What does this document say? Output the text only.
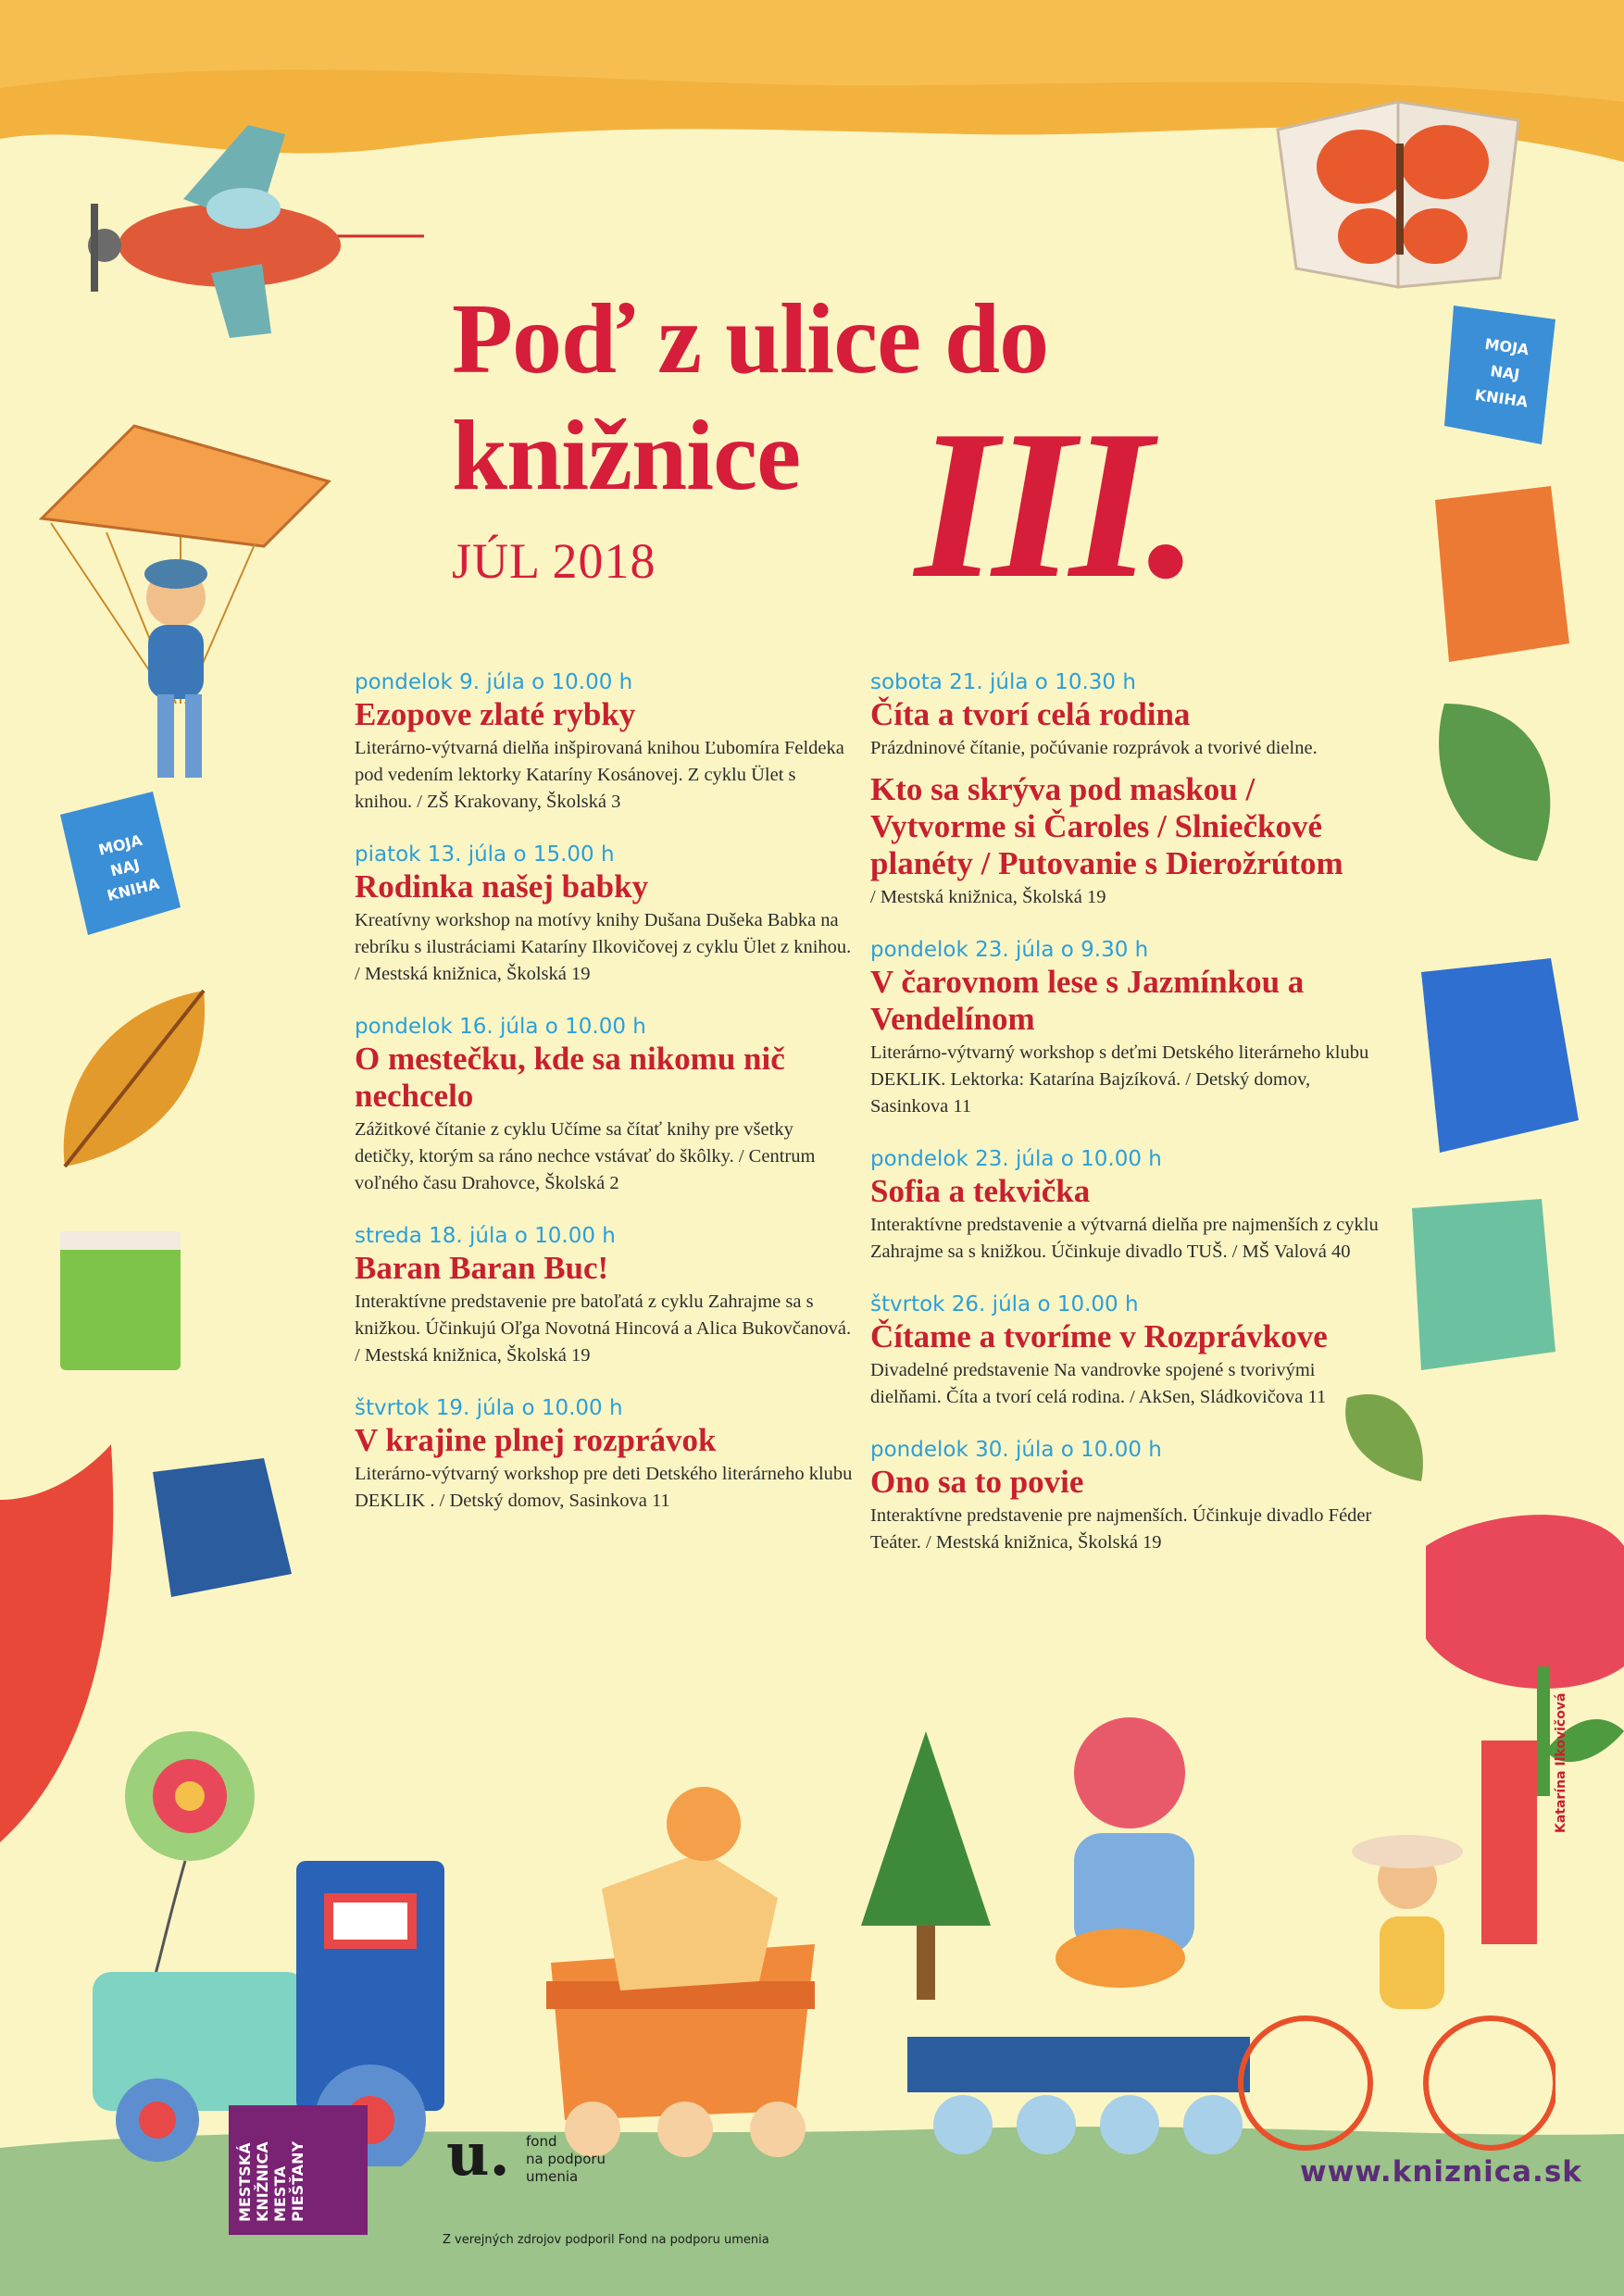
MOJA
NAJ
KNIHA
MOJA
NAJ
KNIHA
Katarína Ilkovičová
Poď z ulice do
knižnice
JÚL 2018 III.

pondelok 9. júla o 10.00 h

Ezopove zlaté rybky

Literárno-výtvarná dielňa inšpirovaná knihou Ľubomíra Feldeka pod vedením lektorky Kataríny Kosánovej. Z cyklu Ület s knihou. / ZŠ Krakovany, Školská 3

piatok 13. júla o 15.00 h

Rodinka našej babky

Kreatívny workshop na motívy knihy Dušana Dušeka Babka na rebríku s ilustráciami Kataríny Ilkovičovej z cyklu Ület z knihou. / Mestská knižnica, Školská 19

pondelok 16. júla o 10.00 h

O mestečku, kde sa nikomu nič nechcelo

Zážitkové čítanie z cyklu Učíme sa čítať knihy pre všetky detičky, ktorým sa ráno nechce vstávať do škôlky. / Centrum voľného času Drahovce, Školská 2

streda 18. júla o 10.00 h

Baran Baran Buc!

Interaktívne predstavenie pre batoľatá z cyklu Zahrajme sa s knižkou. Účinkujú Oľga Novotná Hincová a Alica Bukovčanová. / Mestská knižnica, Školská 19

štvrtok 19. júla o 10.00 h

V krajine plnej rozprávok

Literárno-výtvarný workshop pre deti Detského literárneho klubu DEKLIK . / Detský domov, Sasinkova 11

sobota 21. júla o 10.30 h

Číta a tvorí celá rodina

Prázdninové čítanie, počúvanie rozprávok a tvorivé dielne.

Kto sa skrýva pod maskou / Vytvorme si Čaroles / Slniečkové planéty / Putovanie s Dierožrútom

/ Mestská knižnica, Školská 19

pondelok 23. júla o 9.30 h

V čarovnom lese s Jazmínkou a Vendelínom

Literárno-výtvarný workshop s deťmi Detského literárneho klubu DEKLIK. Lektorka: Katarína Bajzíková. / Detský domov, Sasinkova 11

pondelok 23. júla o 10.00 h

Sofia a tekvička

Interaktívne predstavenie a výtvarná dielňa pre najmenších z cyklu Zahrajme sa s knižkou. Účinkuje divadlo TUŠ. / MŠ Valová 40

štvrtok 26. júla o 10.00 h

Čítame a tvoríme v Rozprávkove

Divadelné predstavenie Na vandrovke spojené s tvorivými dielňami. Číta a tvorí celá rodina. / AkSen, Sládkovičova 11

pondelok 30. júla o 10.00 h

Ono sa to povie

Interaktívne predstavenie pre najmenších. Účinkuje divadlo Féder Teáter. / Mestská knižnica, Školská 19

MESTSKÁ
KNIŽNICA
MESTA
PIEŠŤANY	u. fond
na podporu
umenia
Z verejných zdrojov podporil Fond na podporu umenia
www.kniznica.sk
